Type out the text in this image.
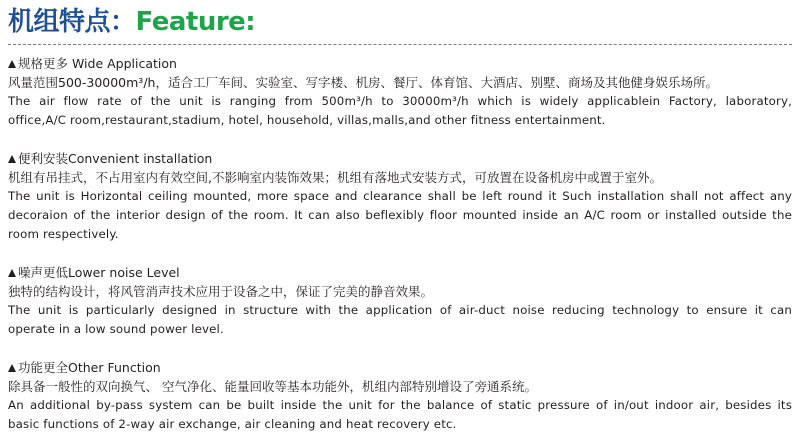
机组特点：Feature:
规格更多 Wide Application
风量范围500-30000m³/h，适合工厂车间、实验室、写字楼、机房、餐厅、体育馆、大酒店、别墅、商场及其他健身娱乐场所。
The air flow rate of the unit is ranging from 500m³/h to 30000m³/h which is widely applicablein Factory, laboratory,
office,A/C room,restaurant,stadium, hotel, household, villas,malls,and other fitness entertainment.
便利安装Convenient installation
机组有吊挂式，不占用室内有效空间,不影响室内装饰效果；机组有落地式安装方式，可放置在设备机房中或置于室外。
The unit is Horizontal ceiling mounted, more space and clearance shall be left round it Such installation shall not affect any
decoraion of the interior design of the room. It can also beflexibly floor mounted inside an A/C room or installed outside the
room respectively.
噪声更低Lower noise Level
独特的结构设计，将风管消声技术应用于设备之中，保证了完美的静音效果。
The unit is particularly designed in structure with the application of air-duct noise reducing technology to ensure it can
operate in a low sound power level.
功能更全Other Function
除具备一般性的双向换气、 空气净化、能量回收等基本功能外，机组内部特别增设了旁通系统。
An additional by-pass system can be built inside the unit for the balance of static pressure of in/out indoor air, besides its
basic functions of 2-way air exchange, air cleaning and heat recovery etc.
